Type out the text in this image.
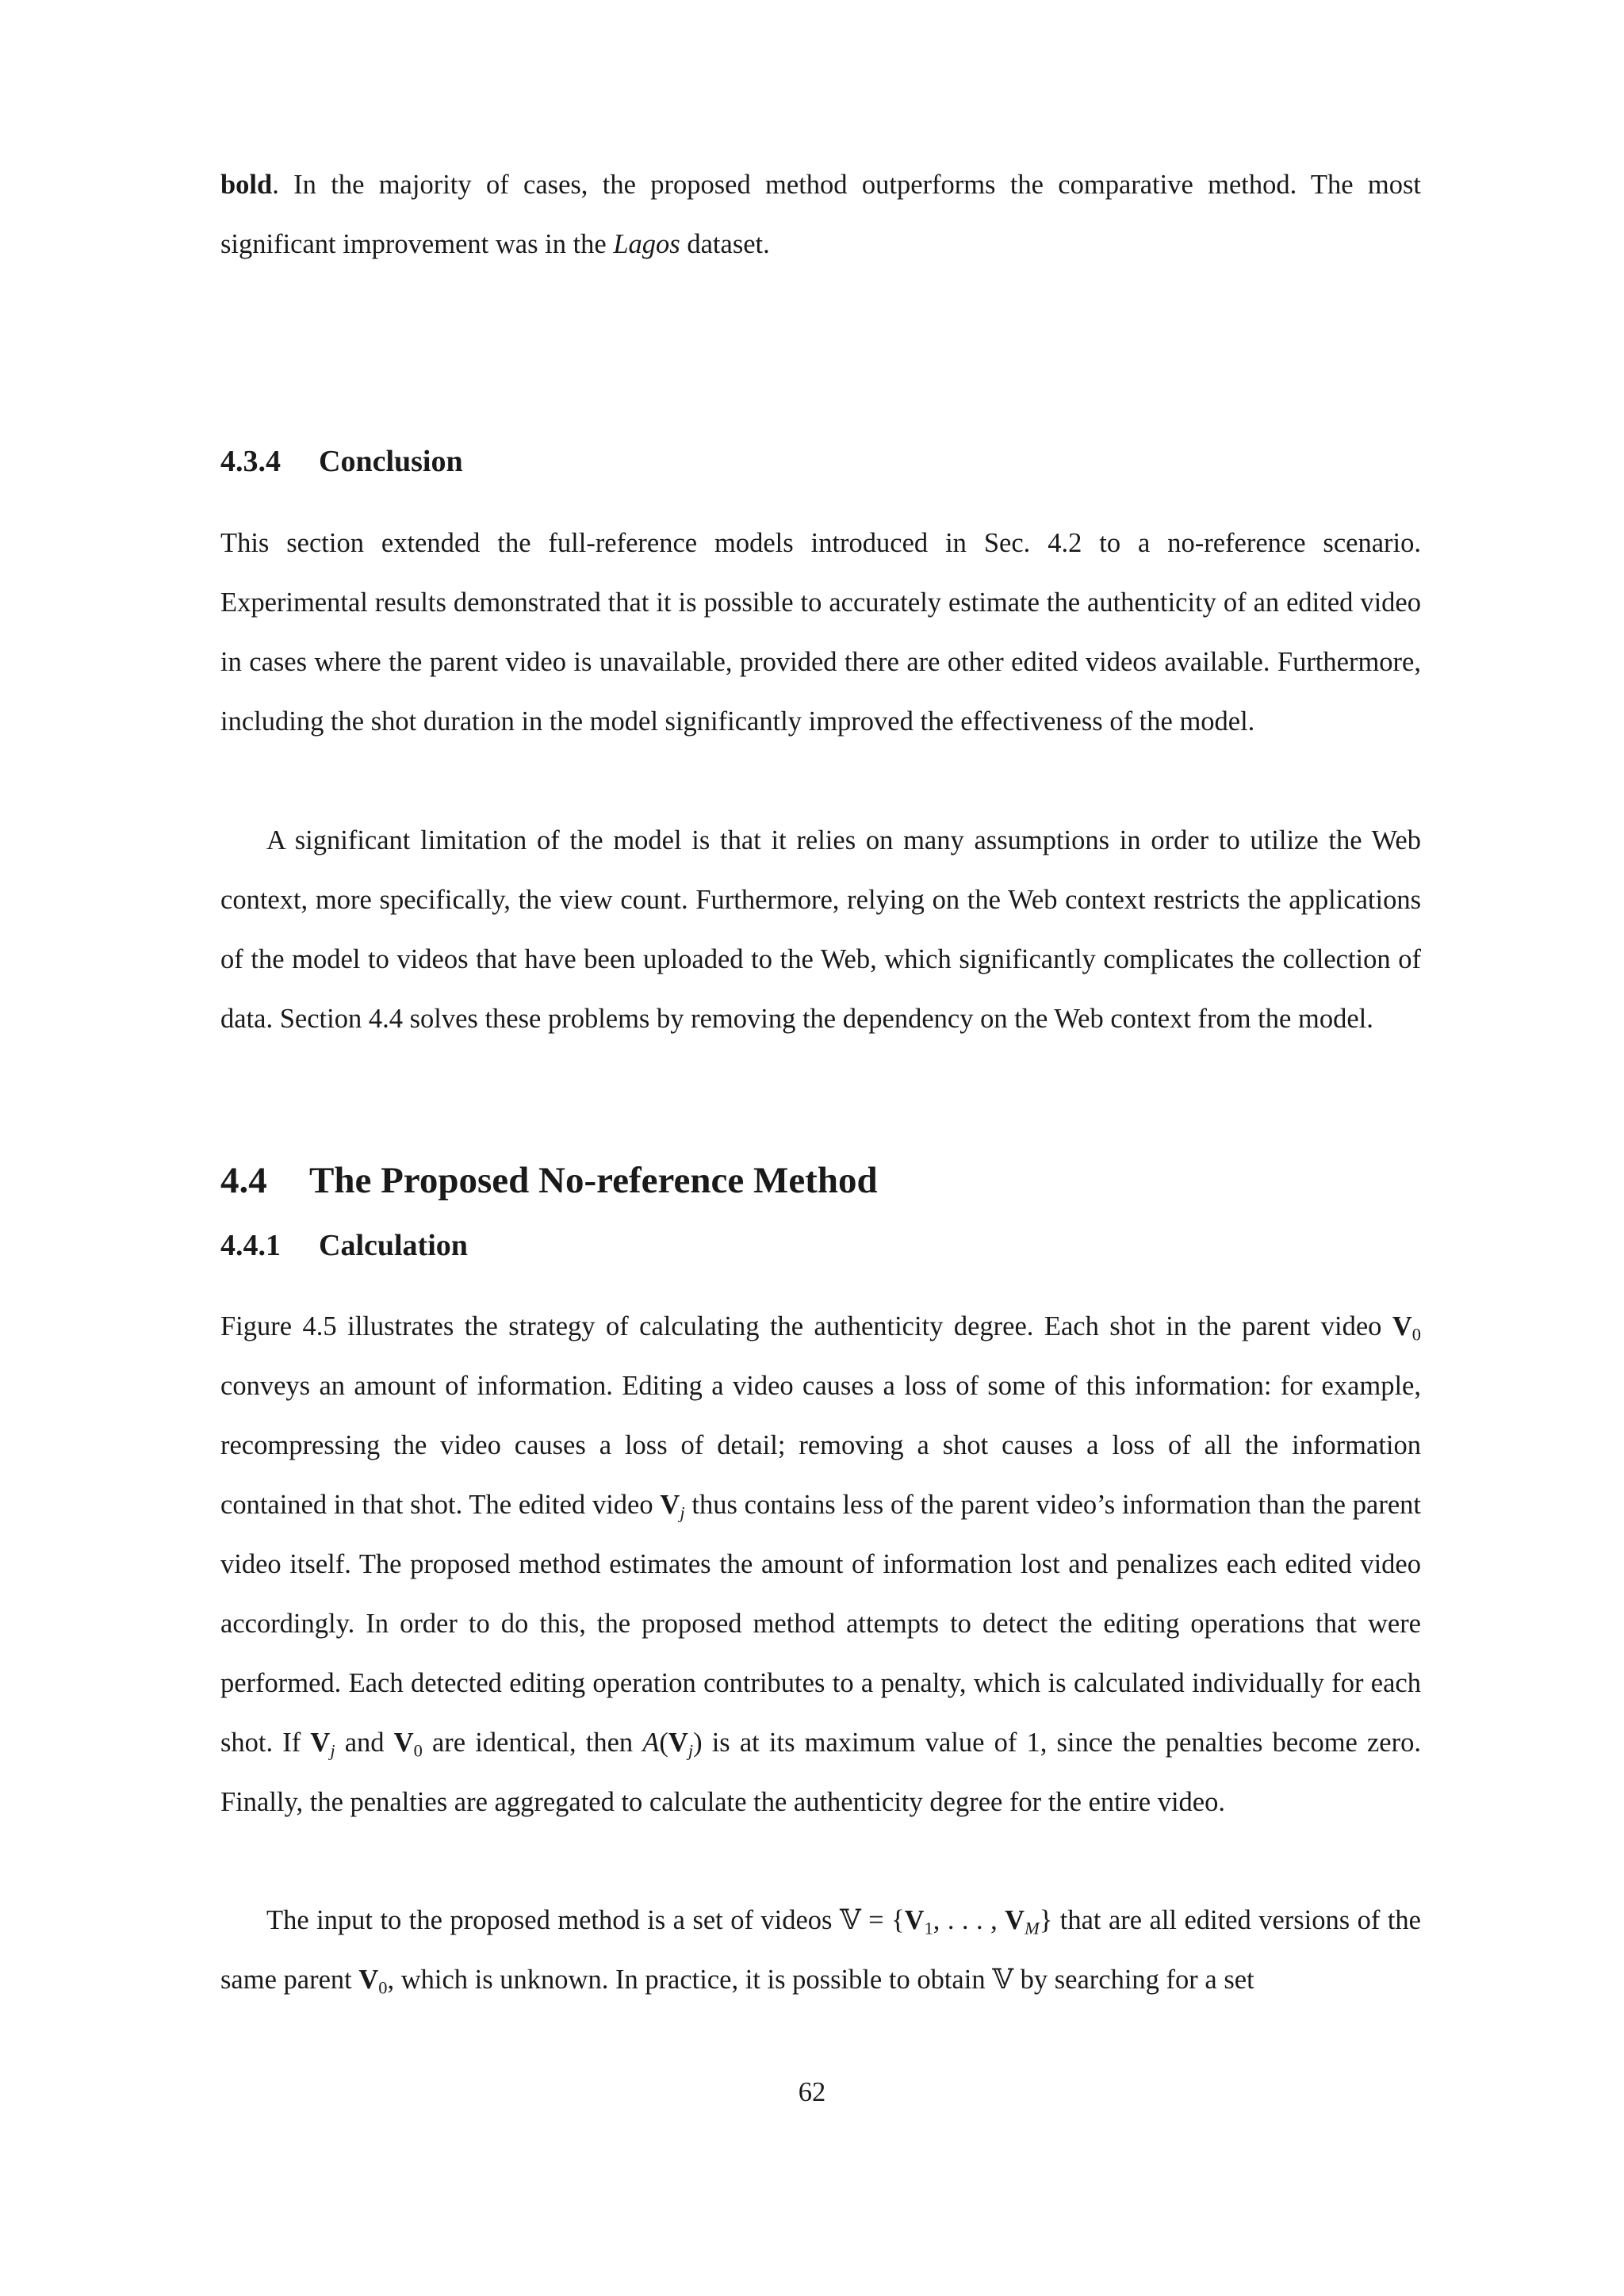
bold. In the majority of cases, the proposed method outperforms the comparative method. The most significant improvement was in the Lagos dataset.

4.3.4 Conclusion

This section extended the full-reference models introduced in Sec. 4.2 to a no-reference scenario. Experimental results demonstrated that it is possible to accurately estimate the authenticity of an edited video in cases where the parent video is unavailable, provided there are other edited videos available. Furthermore, including the shot duration in the model significantly improved the effectiveness of the model.

A significant limitation of the model is that it relies on many assumptions in order to utilize the Web context, more specifically, the view count. Furthermore, relying on the Web context restricts the applications of the model to videos that have been uploaded to the Web, which significantly complicates the collection of data. Section 4.4 solves these problems by removing the dependency on the Web context from the model.

4.4 The Proposed No-reference Method
4.4.1 Calculation

Figure 4.5 illustrates the strategy of calculating the authenticity degree. Each shot in the parent video $V_0$ conveys an amount of information. Editing a video causes a loss of some of this information: for example, recompressing the video causes a loss of detail; removing a shot causes a loss of all the information contained in that shot. The edited video $V_j$ thus contains less of the parent video’s information than the parent video itself. The proposed method estimates the amount of information lost and penalizes each edited video accordingly. In order to do this, the proposed method attempts to detect the editing operations that were performed. Each detected editing operation contributes to a penalty, which is calculated individually for each shot. If $V_j$ and $V_0$ are identical, then $A(V_j)$ is at its maximum value of 1, since the penalties become zero. Finally, the penalties are aggregated to calculate the authenticity degree for the entire video.

The input to the proposed method is a set of videos 𝕍 = {$V_1$, . . . , $V_M$} that are all edited versions of the same parent $V_0$, which is unknown. In practice, it is possible to obtain 𝕍 by searching for a set

62
